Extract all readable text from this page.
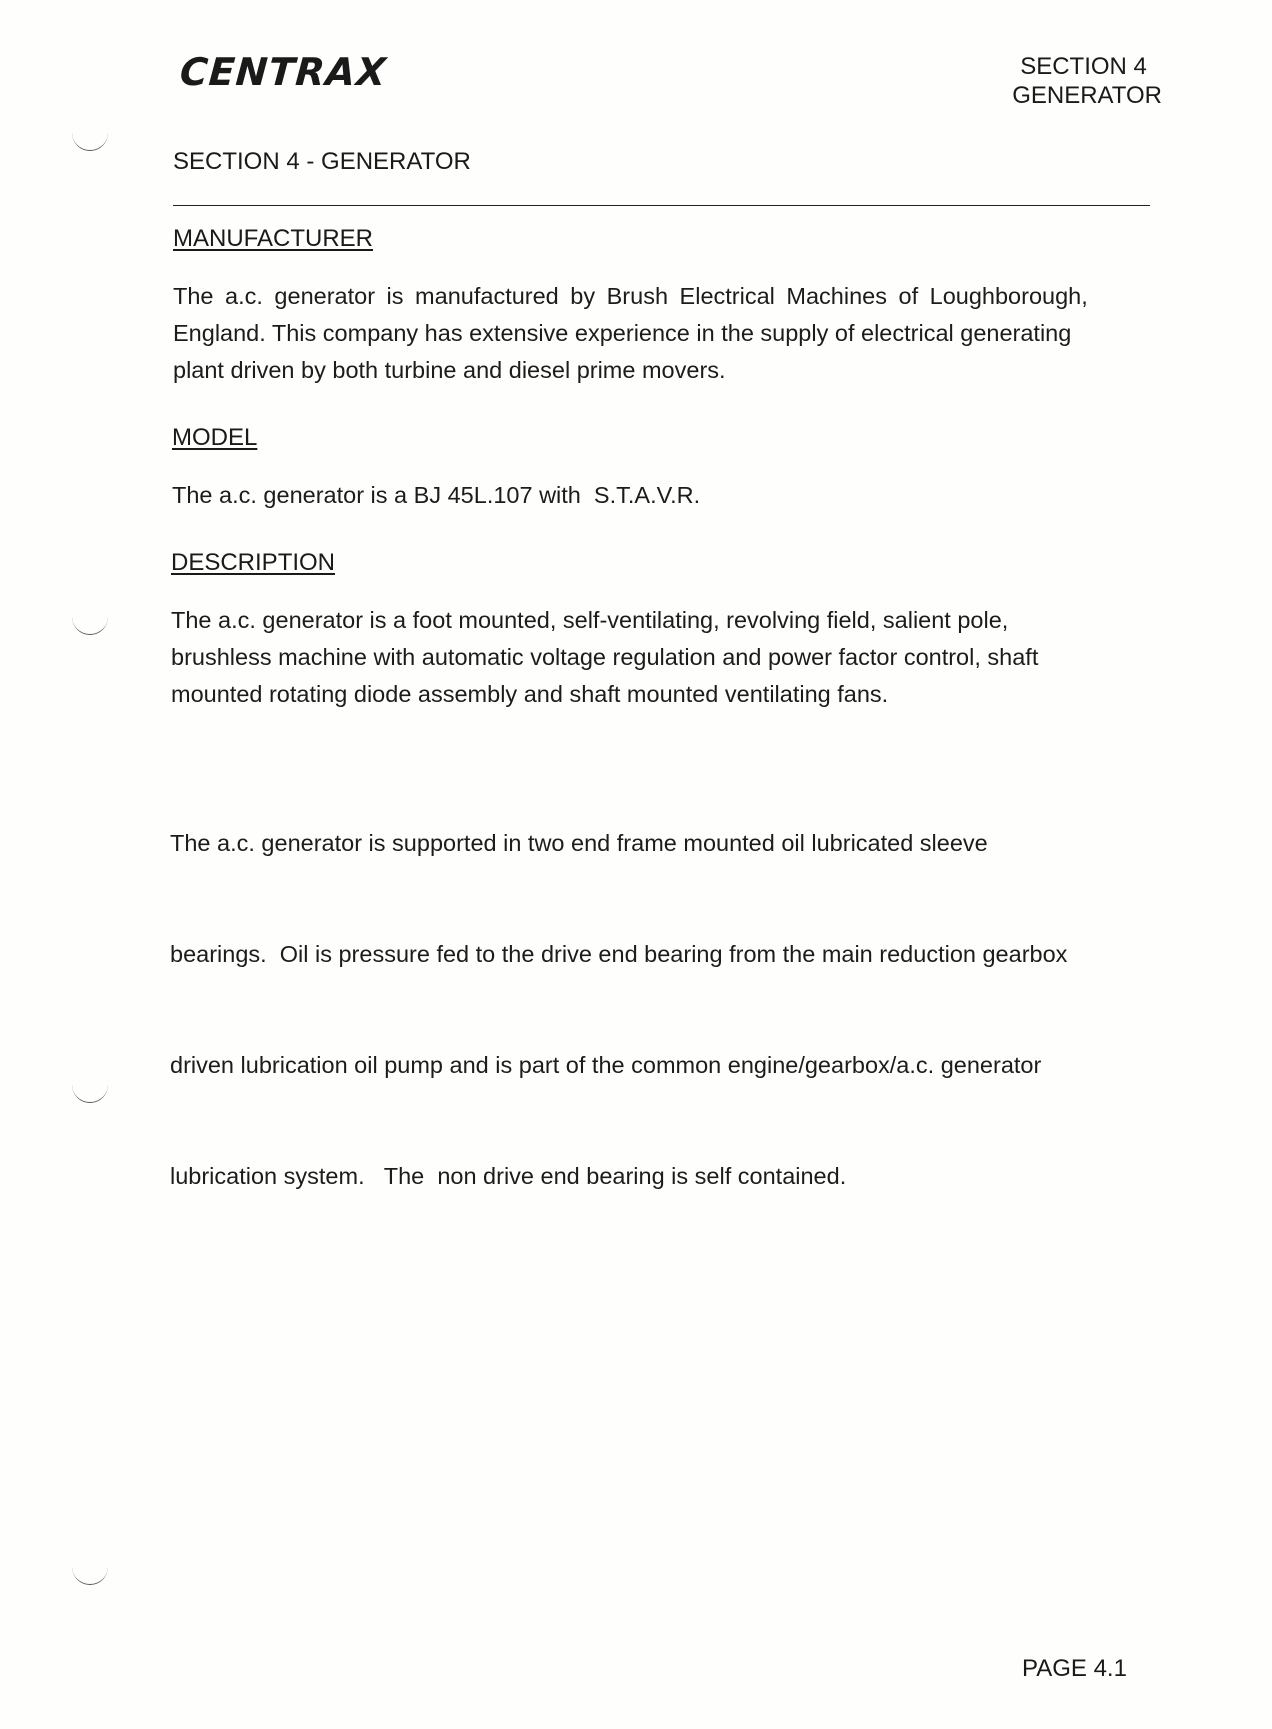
CENTRAX	SECTION 4
GENERATOR
SECTION 4 - GENERATOR
MANUFACTURER
The a.c. generator is manufactured by Brush Electrical Machines of Loughborough,
England. This company has extensive experience in the supply of electrical generating
plant driven by both turbine and diesel prime movers.
MODEL
The a.c. generator is a BJ 45L.107 with  S.T.A.V.R.
DESCRIPTION
The a.c. generator is a foot mounted, self-ventilating, revolving field, salient pole,
brushless machine with automatic voltage regulation and power factor control, shaft
mounted rotating diode assembly and shaft mounted ventilating fans.

The a.c. generator is supported in two end frame mounted oil lubricated sleeve

bearings.  Oil is pressure fed to the drive end bearing from the main reduction gearbox

driven lubrication oil pump and is part of the common engine/gearbox/a.c. generator

lubrication system.   The  non drive end bearing is self contained.

PAGE 4.1
